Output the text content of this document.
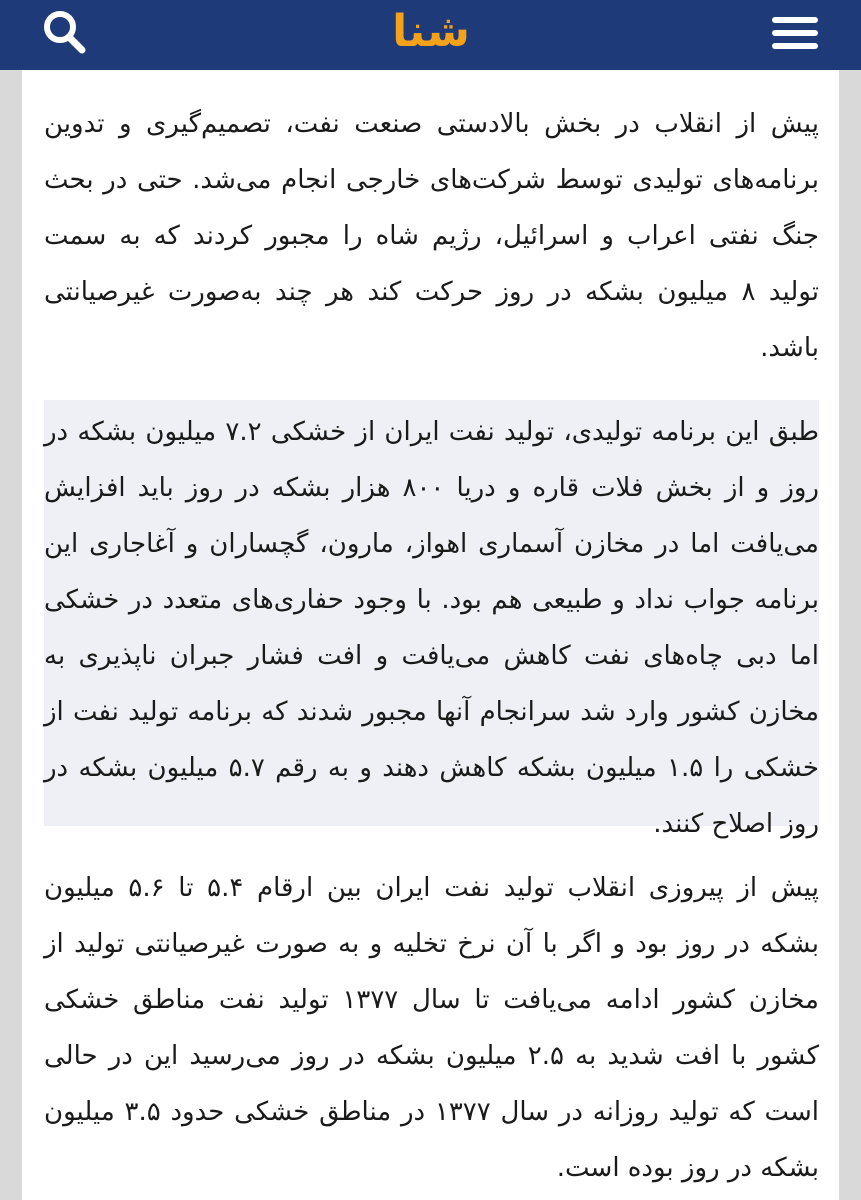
شنا

پیش از انقلاب در بخش بالادستی صنعت نفت، تصمیم‌گیری و تدوین برنامه‌های تولیدی توسط شرکت‌های خارجی انجام می‌شد. حتی در بحث جنگ نفتی اعراب و اسرائیل، رژیم شاه را مجبور کردند که به سمت تولید ۸ میلیون بشکه در روز حرکت کند هر چند به‌صورت غیرصیانتی باشد.

طبق این برنامه تولیدی، تولید نفت ایران از خشکی ۷.۲ میلیون بشکه در روز و از بخش فلات قاره و دریا ۸۰۰ هزار بشکه در روز باید افزایش می‌یافت اما در مخازن آسماری اهواز، مارون، گچساران و آغاجاری این برنامه جواب نداد و طبیعی هم بود. با وجود حفاری‌های متعدد در خشکی اما دبی چاه‌های نفت کاهش می‌یافت و افت فشار جبران ناپذیری به مخازن کشور وارد شد سرانجام آنها مجبور شدند که برنامه تولید نفت از خشکی را ۱.۵ میلیون بشکه کاهش دهند و به رقم ۵.۷ میلیون بشکه در روز اصلاح کنند.

پیش از پیروزی انقلاب تولید نفت ایران بین ارقام ۵.۴ تا ۵.۶ میلیون بشکه در روز بود و اگر با آن نرخ تخلیه و به صورت غیرصیانتی تولید از مخازن کشور ادامه می‌یافت تا سال ۱۳۷۷ تولید نفت مناطق خشکی کشور با افت شدید به ۲.۵ میلیون بشکه در روز می‌رسید این در حالی است که تولید روزانه در سال ۱۳۷۷ در مناطق خشکی حدود ۳.۵ میلیون بشکه در روز بوده است.
